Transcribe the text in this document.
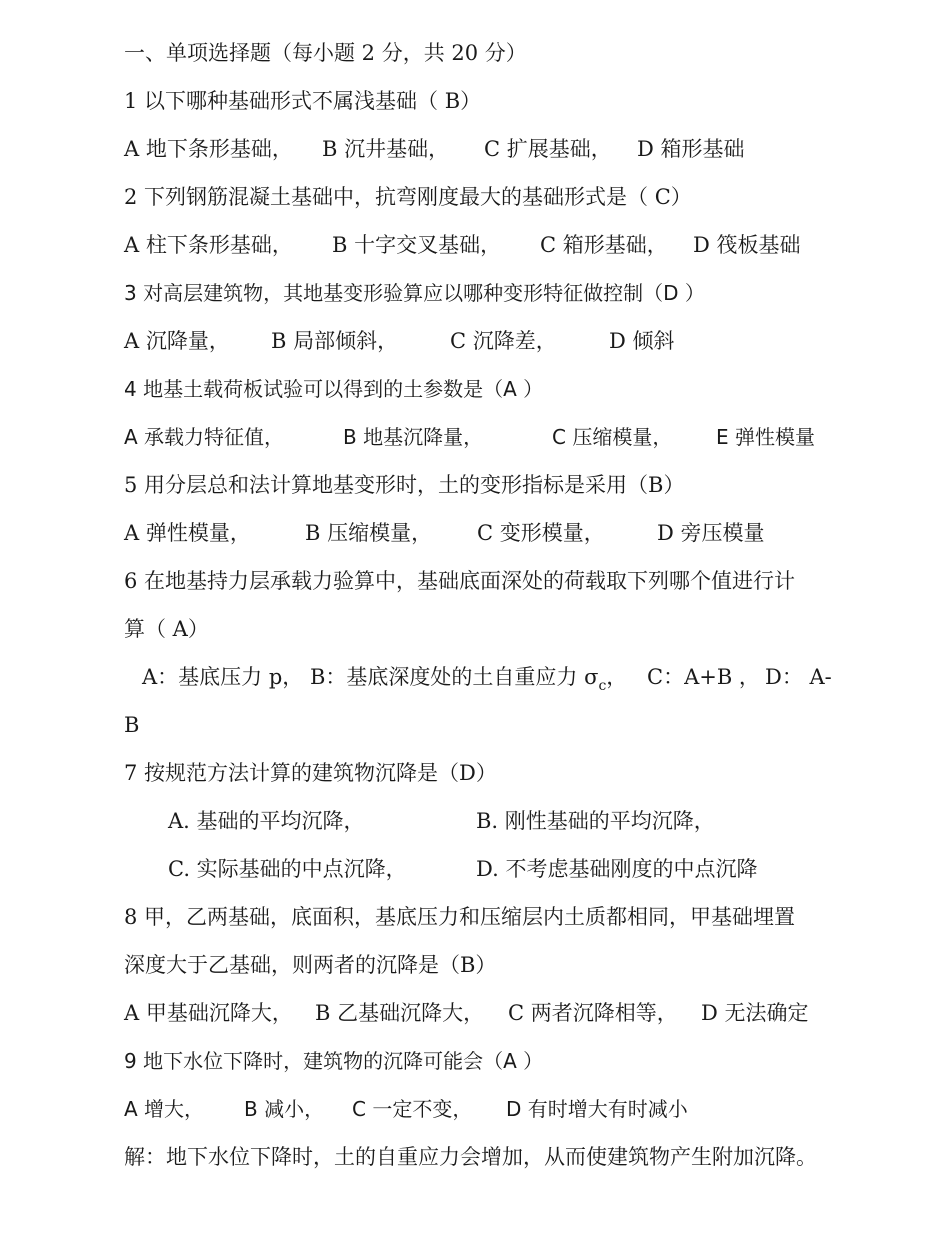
一、单项选择题（每小题 2 分，共 20 分）
1 以下哪种基础形式不属浅基础（ B）
A 地下条形基础， B 沉井基础， C 扩展基础， D 箱形基础
2 下列钢筋混凝土基础中，抗弯刚度最大的基础形式是（ C）
A 柱下条形基础， B 十字交叉基础， C 箱形基础， D 筏板基础
3 对高层建筑物，其地基变形验算应以哪种变形特征做控制（D ）
A 沉降量， B 局部倾斜， C 沉降差， D 倾斜
4 地基土载荷板试验可以得到的土参数是（A ）
A 承载力特征值，	B 地基沉降量，	C 压缩模量， E 弹性模量
5 用分层总和法计算地基变形时，土的变形指标是采用（B）
A 弹性模量，	B 压缩模量， C 变形模量， D 旁压模量
6 在地基持力层承载力验算中，基础底面深处的荷载取下列哪个值进行计
算（ A）
A：基底压力 p， B：基底深度处的土自重应力 $\sigma_c$， C：A+B ， D： A-
B
7 按规范方法计算的建筑物沉降是（D）
A. 基础的平均沉降，	B. 刚性基础的平均沉降，
C. 实际基础的中点沉降，	D. 不考虑基础刚度的中点沉降
8 甲，乙两基础，底面积，基底压力和压缩层内土质都相同，甲基础埋置
深度大于乙基础，则两者的沉降是（B）
A 甲基础沉降大， B 乙基础沉降大， C 两者沉降相等， D 无法确定
9 地下水位下降时，建筑物的沉降可能会（A ）
A 增大， B 减小， C 一定不变， D 有时增大有时减小
解：地下水位下降时，土的自重应力会增加，从而使建筑物产生附加沉降。
